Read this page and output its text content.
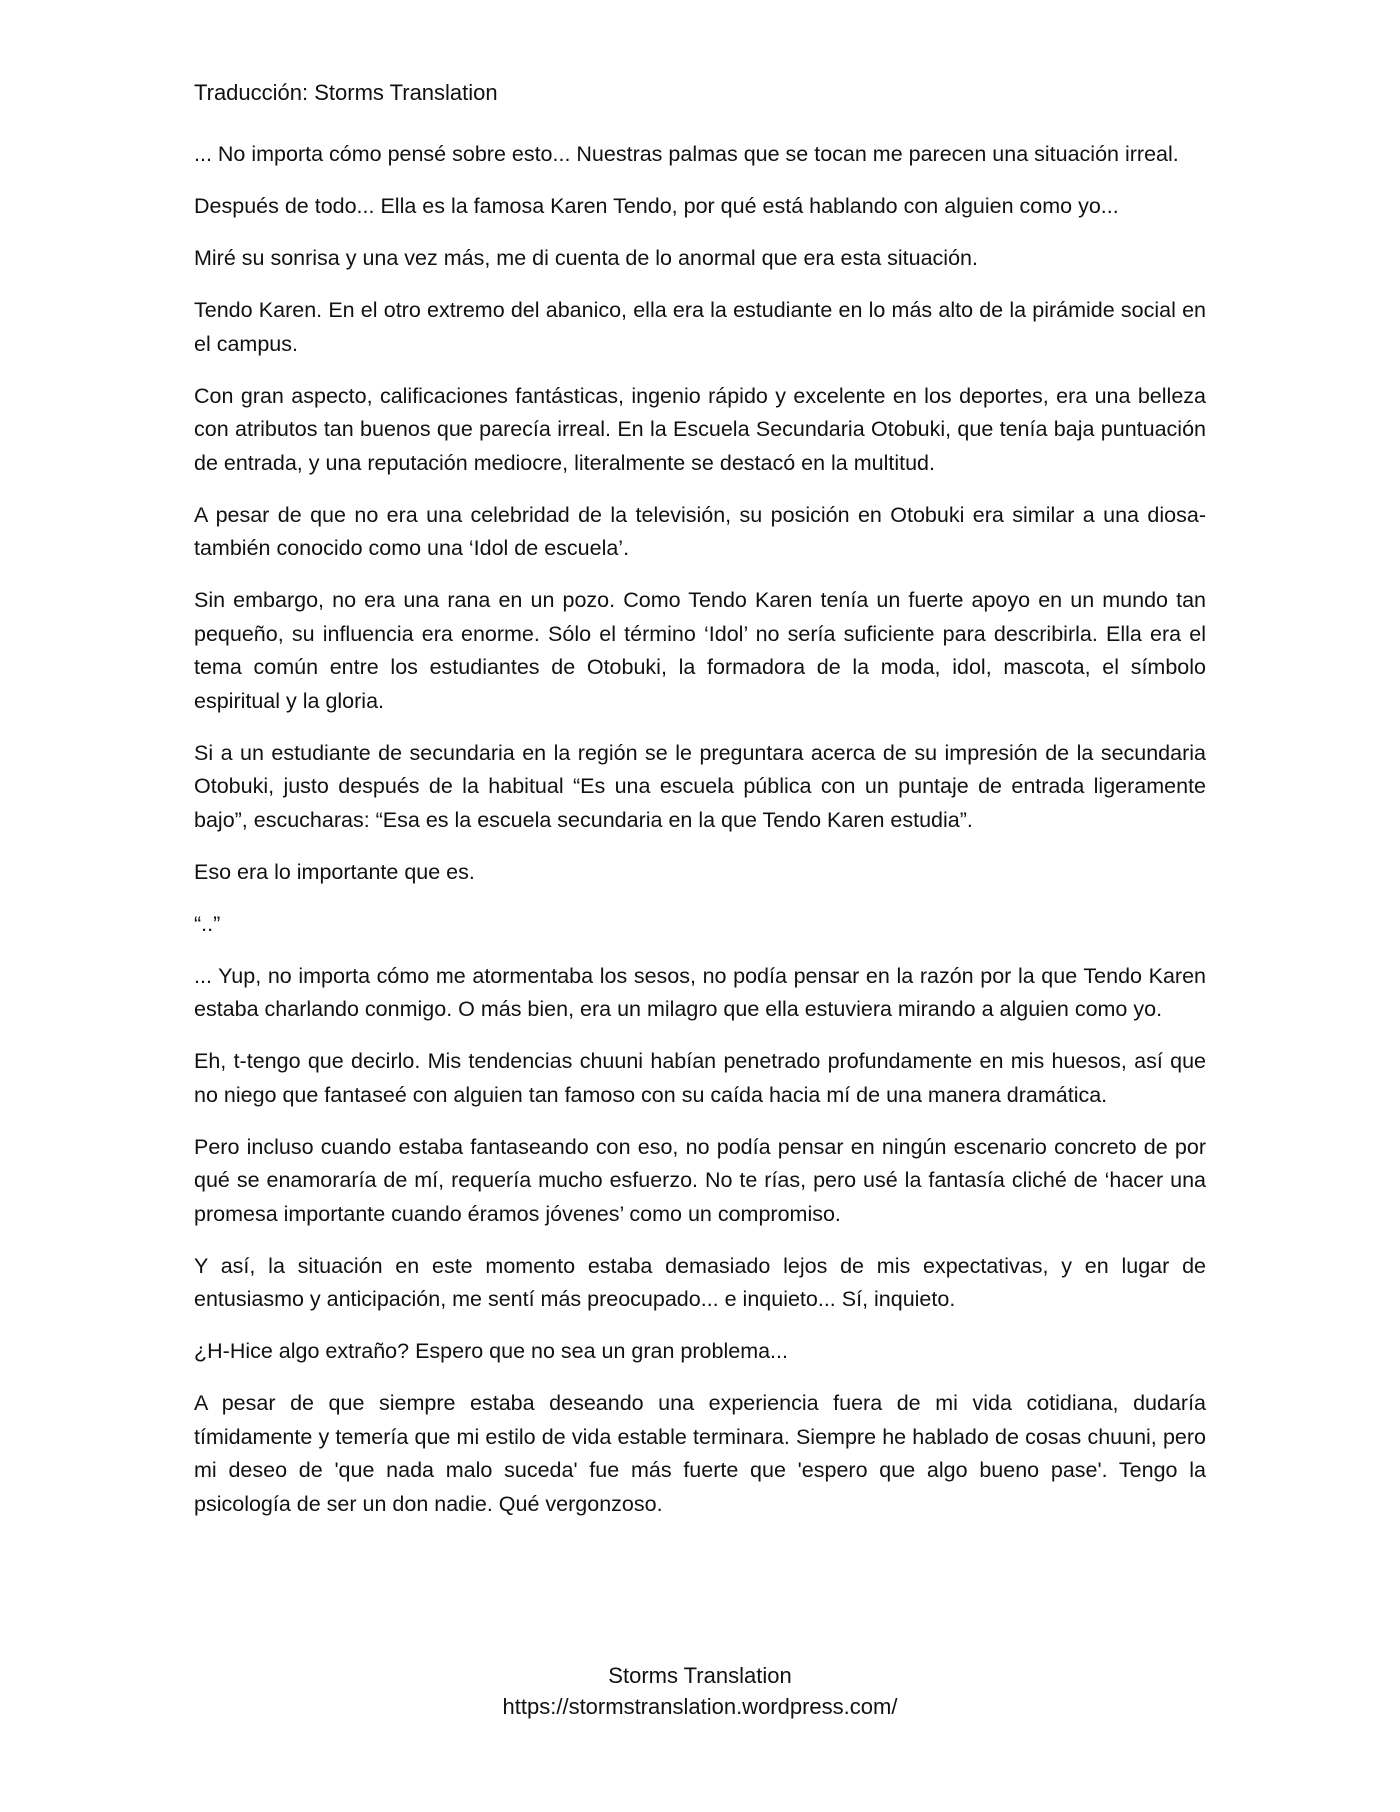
Traducción: Storms Translation

... No importa cómo pensé sobre esto... Nuestras palmas que se tocan me parecen una situación irreal.

Después de todo... Ella es la famosa Karen Tendo, por qué está hablando con alguien como yo...

Miré su sonrisa y una vez más, me di cuenta de lo anormal que era esta situación.

Tendo Karen. En el otro extremo del abanico, ella era la estudiante en lo más alto de la pirámide social en el campus.

Con gran aspecto, calificaciones fantásticas, ingenio rápido y excelente en los deportes, era una belleza con atributos tan buenos que parecía irreal. En la Escuela Secundaria Otobuki, que tenía baja puntuación de entrada, y una reputación mediocre, literalmente se destacó en la multitud.

A pesar de que no era una celebridad de la televisión, su posición en Otobuki era similar a una diosa- también conocido como una ‘Idol de escuela’.

Sin embargo, no era una rana en un pozo. Como Tendo Karen tenía un fuerte apoyo en un mundo tan pequeño, su influencia era enorme. Sólo el término ‘Idol’ no sería suficiente para describirla. Ella era el tema común entre los estudiantes de Otobuki, la formadora de la moda, idol, mascota, el símbolo espiritual y la gloria.

Si a un estudiante de secundaria en la región se le preguntara acerca de su impresión de la secundaria Otobuki, justo después de la habitual “Es una escuela pública con un puntaje de entrada ligeramente bajo”, escucharas: “Esa es la escuela secundaria en la que Tendo Karen estudia”.

Eso era lo importante que es.

“..”

... Yup, no importa cómo me atormentaba los sesos, no podía pensar en la razón por la que Tendo Karen estaba charlando conmigo. O más bien, era un milagro que ella estuviera mirando a alguien como yo.

Eh, t-tengo que decirlo. Mis tendencias chuuni habían penetrado profundamente en mis huesos, así que no niego que fantaseé con alguien tan famoso con su caída hacia mí de una manera dramática.

Pero incluso cuando estaba fantaseando con eso, no podía pensar en ningún escenario concreto de por qué se enamoraría de mí, requería mucho esfuerzo. No te rías, pero usé la fantasía cliché de ‘hacer una promesa importante cuando éramos jóvenes’ como un compromiso.

Y así, la situación en este momento estaba demasiado lejos de mis expectativas, y en lugar de entusiasmo y anticipación, me sentí más preocupado... e inquieto... Sí, inquieto.

¿H-Hice algo extraño? Espero que no sea un gran problema...

A pesar de que siempre estaba deseando una experiencia fuera de mi vida cotidiana, dudaría tímidamente y temería que mi estilo de vida estable terminara. Siempre he hablado de cosas chuuni, pero mi deseo de 'que nada malo suceda' fue más fuerte que 'espero que algo bueno pase'. Tengo la psicología de ser un don nadie. Qué vergonzoso.

Storms Translation
https://stormstranslation.wordpress.com/
